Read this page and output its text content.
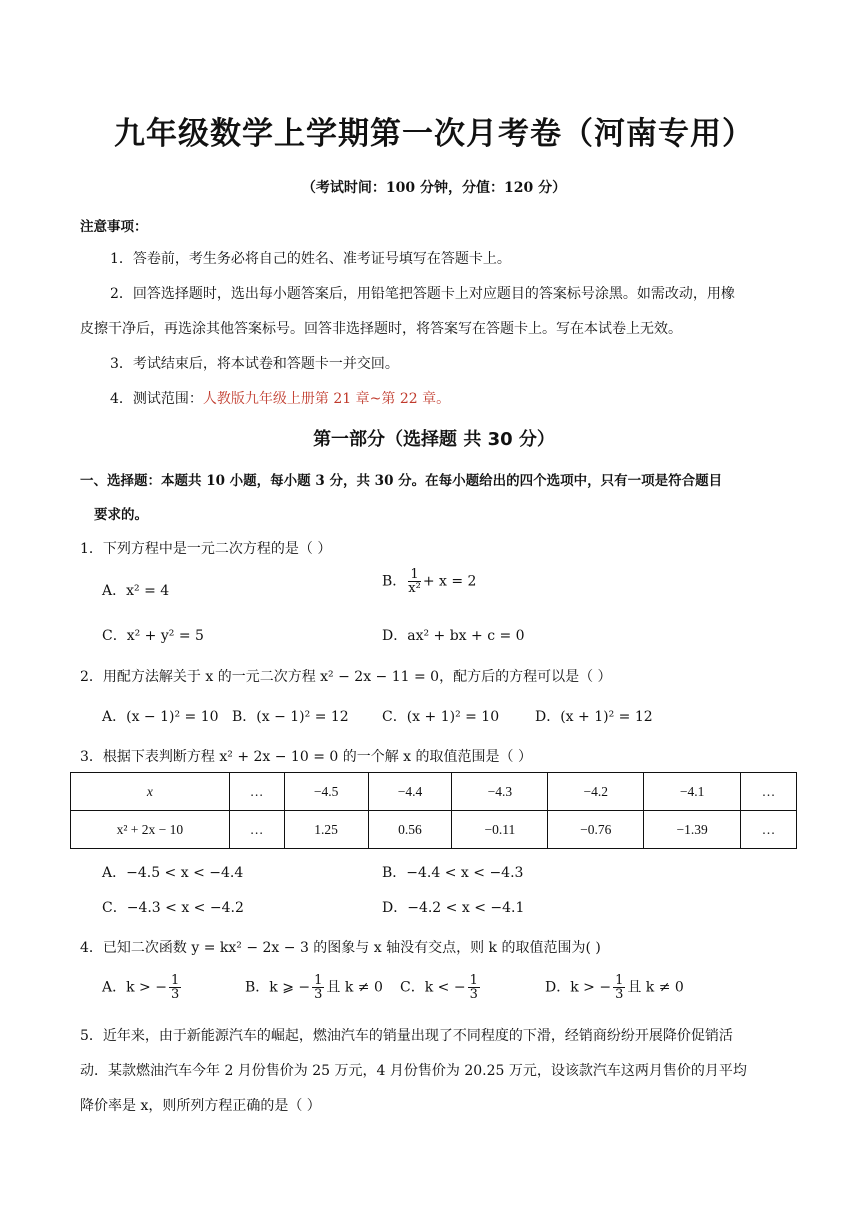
九年级数学上学期第一次月考卷（河南专用）
（考试时间：100 分钟，分值：120 分）
注意事项：
1．答卷前，考生务必将自己的姓名、准考证号填写在答题卡上。
2．回答选择题时，选出每小题答案后，用铅笔把答题卡上对应题目的答案标号涂黑。如需改动，用橡
皮擦干净后，再选涂其他答案标号。回答非选择题时，将答案写在答题卡上。写在本试卷上无效。
3．考试结束后，将本试卷和答题卡一并交回。
4．测试范围：人教版九年级上册第 21 章~第 22 章。
第一部分（选择题 共 30 分）
一、选择题：本题共 10 小题，每小题 3 分，共 30 分。在每小题给出的四个选项中，只有一项是符合题目
要求的。
1．下列方程中是一元二次方程的是（ ）
A．x² = 4
B． $\frac{1}{\text{x²}} + x = 2$
C．x² + y² = 5	D．ax² + bx + c = 0
2．用配方法解关于 x 的一元二次方程 x² − 2x − 11 = 0，配方后的方程可以是（ ）
A．(x − 1)² = 10 B．(x − 1)² = 12 C．(x + 1)² = 10	D．(x + 1)² = 12
3．根据下表判断方程 x² + 2x − 10 = 0 的一个解 x 的取值范围是（ ）
x	…	−4.5	−4.4	−4.3	−4.2	−4.1	…
x² + 2x − 10	…	1.25	0.56	−0.11	−0.76	−1.39	…
A．−4.5 < x < −4.4	B．−4.4 < x < −4.3
C．−4.3 < x < −4.2	D．−4.2 < x < −4.1
4．已知二次函数 y = kx² − 2x − 3 的图象与 x 轴没有交点，则 k 的取值范围为( )
A．k > − $\frac{1}{3}$	B．k ⩾ − $\frac{1}{3}$ 且 k ≠ 0 C．k < − $\frac{1}{3}$	D．k > − $\frac{1}{3}$ 且 k ≠ 0
5．近年来，由于新能源汽车的崛起，燃油汽车的销量出现了不同程度的下滑，经销商纷纷开展降价促销活
动．某款燃油汽车今年 2 月份售价为 25 万元，4 月份售价为 20.25 万元，设该款汽车这两月售价的月平均
降价率是 x，则所列方程正确的是（ ）
